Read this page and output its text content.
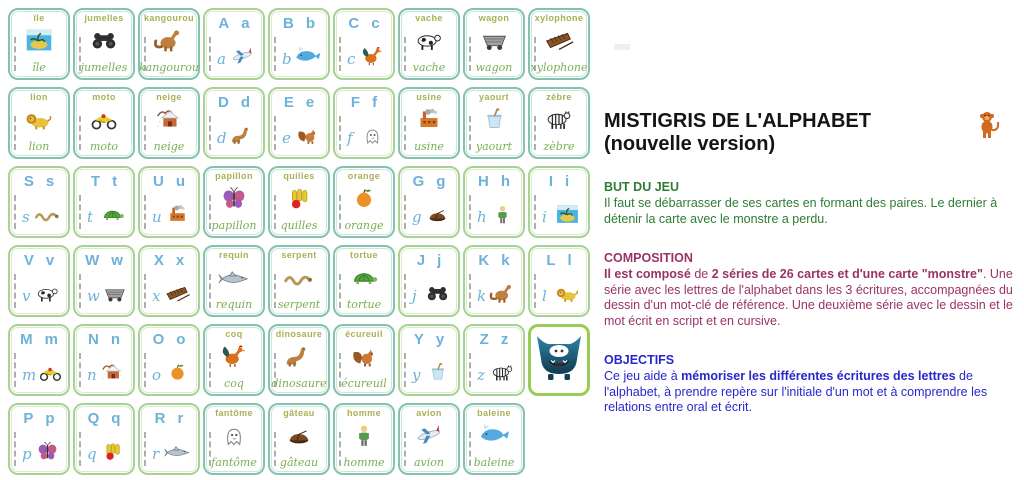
île
île
jumelles
jumelles
kangourou
kangourou
A a
a
B b
b
C c
c
vache
vache
wagon
wagon
xylophone
xylophone
lion
lion
moto
moto
neige
neige
D d
d
E e
e
F f
f
usine
usine
yaourt
yaourt
zèbre
zèbre
S s
s
T t
t
U u
u
papillon
papillon
quilles
quilles
orange
orange
G g
g
H h
h
I i
i
V v
v
W w
w
X x
x
requin
requin
serpent
serpent
tortue
tortue
J j
j
K k
k
L l
l
M m
m
N n
n
O o
o
coq
coq
dinosaure
dinosaure
écureuil
écureuil
Y y
y
Z z
z
P p
p
Q q
q
R r
r
fantôme
fantôme
gâteau
gâteau
homme
homme
avion
avion
baleine
baleine
MISTIGRIS DE L'ALPHABET
(nouvelle version)
BUT DU JEU

Il faut se débarrasser de ses cartes en formant des paires. Le dernier à détenir la carte avec le monstre a perdu.

COMPOSITION

Il est composé de 2 séries de 26 cartes et d'une carte "monstre". Une série avec les lettres de l'alphabet dans les 3 écritures, accompagnées du dessin d'un mot-clé de référence. Une deuxième série avec le dessin et le mot écrit en script et en cursive.

OBJECTIFS

Ce jeu aide à mémoriser les différentes écritures des lettres de l'alphabet, à prendre repère sur l'initiale d'un mot et à comprendre les relations entre oral et écrit.
